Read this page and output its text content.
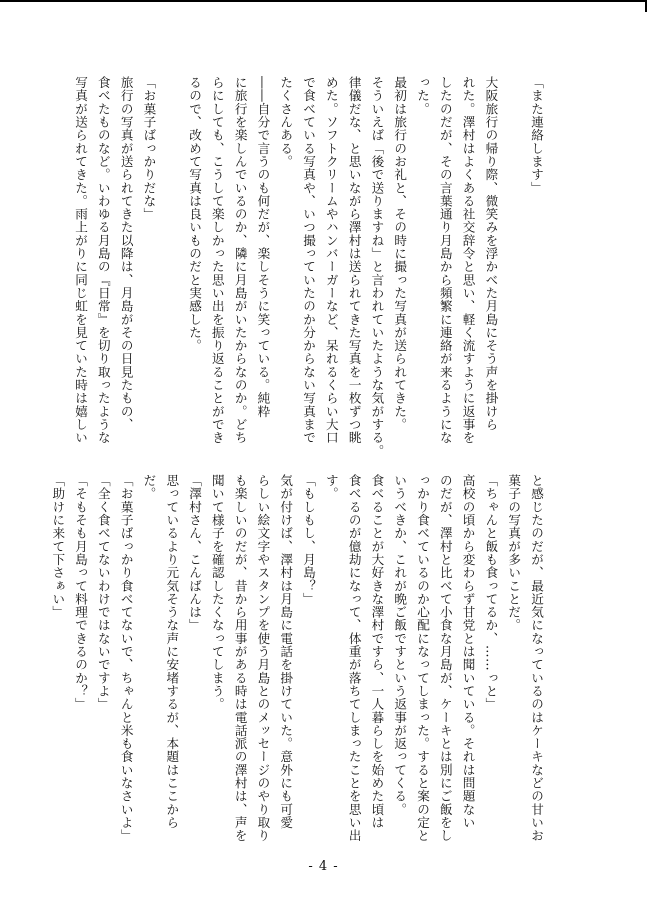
「また連絡します」

大阪旅行の帰り際、微笑みを浮かべた月島にそう声を掛けら
れた。澤村はよくある社交辞令と思い、軽く流すように返事を
したのだが、その言葉通り月島から頻繁に連絡が来るようにな
った。
最初は旅行のお礼と、その時に撮った写真が送られてきた。
そういえば「後で送りますね」と言われていたような気がする。
律儀だな、と思いながら澤村は送られてきた写真を一枚ずつ眺
めた。ソフトクリームやハンバーガーなど、呆れるくらい大口
で食べている写真や、いつ撮っていたのか分からない写真まで
たくさんある。
――自分で言うのも何だが、楽しそうに笑っている。純粋
に旅行を楽しんでいるのか、隣に月島がいたからなのか。どち
らにしても、こうして楽しかった思い出を振り返ることができ
るので、改めて写真は良いものだと実感した。

「お菓子ばっかりだな」
旅行の写真が送られてきた以降は、月島がその日見たもの、
食べたものなど。いわゆる月島の『日常』を切り取ったような
写真が送られてきた。雨上がりに同じ虹を見ていた時は嬉しい
と感じたのだが、最近気になっているのはケーキなどの甘いお
菓子の写真が多いことだ。
「ちゃんと飯も食ってるか、……っと」
高校の頃から変わらず甘党とは聞いている。それは問題ない
のだが、澤村と比べて小食な月島が、ケーキとは別にご飯をし
っかり食べているのか心配になってしまった。すると案の定と
いうべきか、これが晩ご飯ですという返事が返ってくる。
食べることが大好きな澤村ですら、一人暮らしを始めた頃は
食べるのが億劫になって、体重が落ちてしまったことを思い出
す。
「もしもし、月島？」
気が付けば、澤村は月島に電話を掛けていた。意外にも可愛
らしい絵文字やスタンプを使う月島とのメッセージのやり取り
も楽しいのだが、昔から用事がある時は電話派の澤村は、声を
聞いて様子を確認したくなってしまう。
「澤村さん、こんばんは」
思っているより元気そうな声に安堵するが、本題はここから
だ。
「お菓子ばっかり食べてないで、ちゃんと米も食いなさいよ」
「全く食べてないわけではないですよ」
「そもそも月島って料理できるのか？」
「助けに来て下さぁい」
- 4 -
